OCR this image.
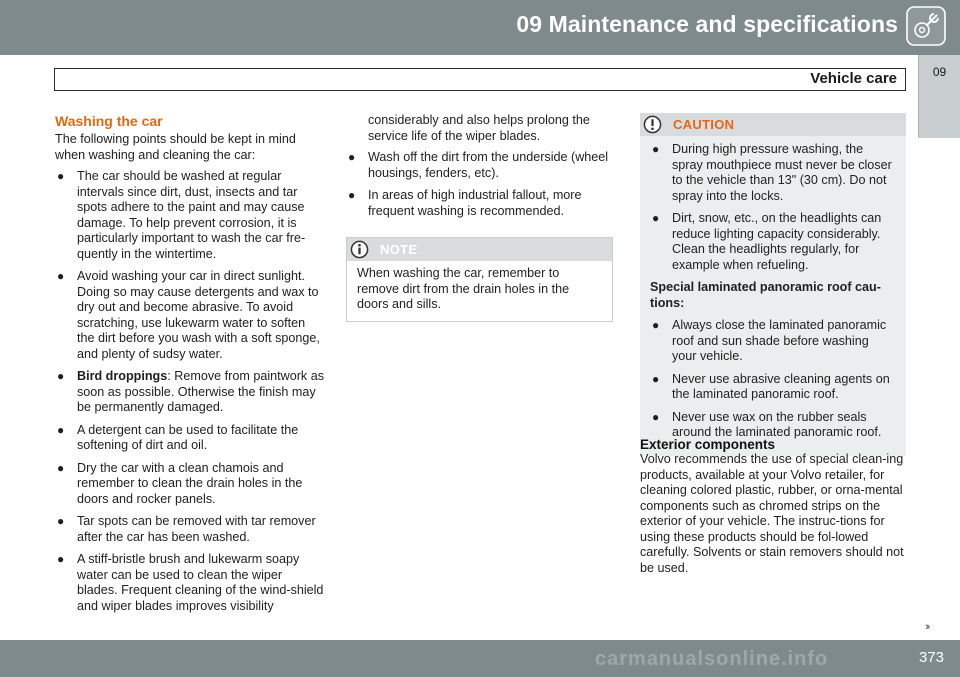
09 Maintenance and specifications
Vehicle care	09
Washing the car

The following points should be kept in mind when washing and cleaning the car:

● The car should be washed at regular intervals since dirt, dust, insects and tar spots adhere to the paint and may cause damage. To help prevent corrosion, it is particularly important to wash the car fre-quently in the wintertime.
● Avoid washing your car in direct sunlight. Doing so may cause detergents and wax to dry out and become abrasive. To avoid scratching, use lukewarm water to soften the dirt before you wash with a soft sponge, and plenty of sudsy water.
● Bird droppings: Remove from paintwork as soon as possible. Otherwise the finish may be permanently damaged.
● A detergent can be used to facilitate the softening of dirt and oil.
● Dry the car with a clean chamois and remember to clean the drain holes in the doors and rocker panels.
● Tar spots can be removed with tar remover after the car has been washed.
● A stiff-bristle brush and lukewarm soapy water can be used to clean the wiper blades. Frequent cleaning of the wind-shield and wiper blades improves visibility

considerably and also helps prolong the service life of the wiper blades.

● Wash off the dirt from the underside (wheel housings, fenders, etc).
● In areas of high industrial fallout, more frequent washing is recommended.
NOTE
When washing the car, remember to remove dirt from the drain holes in the doors and sills.
CAUTION
● During high pressure washing, the spray mouthpiece must never be closer to the vehicle than 13" (30 cm). Do not spray into the locks.
● Dirt, snow, etc., on the headlights can reduce lighting capacity considerably. Clean the headlights regularly, for example when refueling.
Special laminated panoramic roof cau-tions:
● Always close the laminated panoramic roof and sun shade before washing your vehicle.
● Never use abrasive cleaning agents on the laminated panoramic roof.
● Never use wax on the rubber seals around the laminated panoramic roof.
Exterior components

Volvo recommends the use of special clean-ing products, available at your Volvo retailer, for cleaning colored plastic, rubber, or orna-mental components such as chromed strips on the exterior of your vehicle. The instruc-tions for using these products should be fol-lowed carefully. Solvents or stain removers should not be used.

››
carmanualsonline.info	373
